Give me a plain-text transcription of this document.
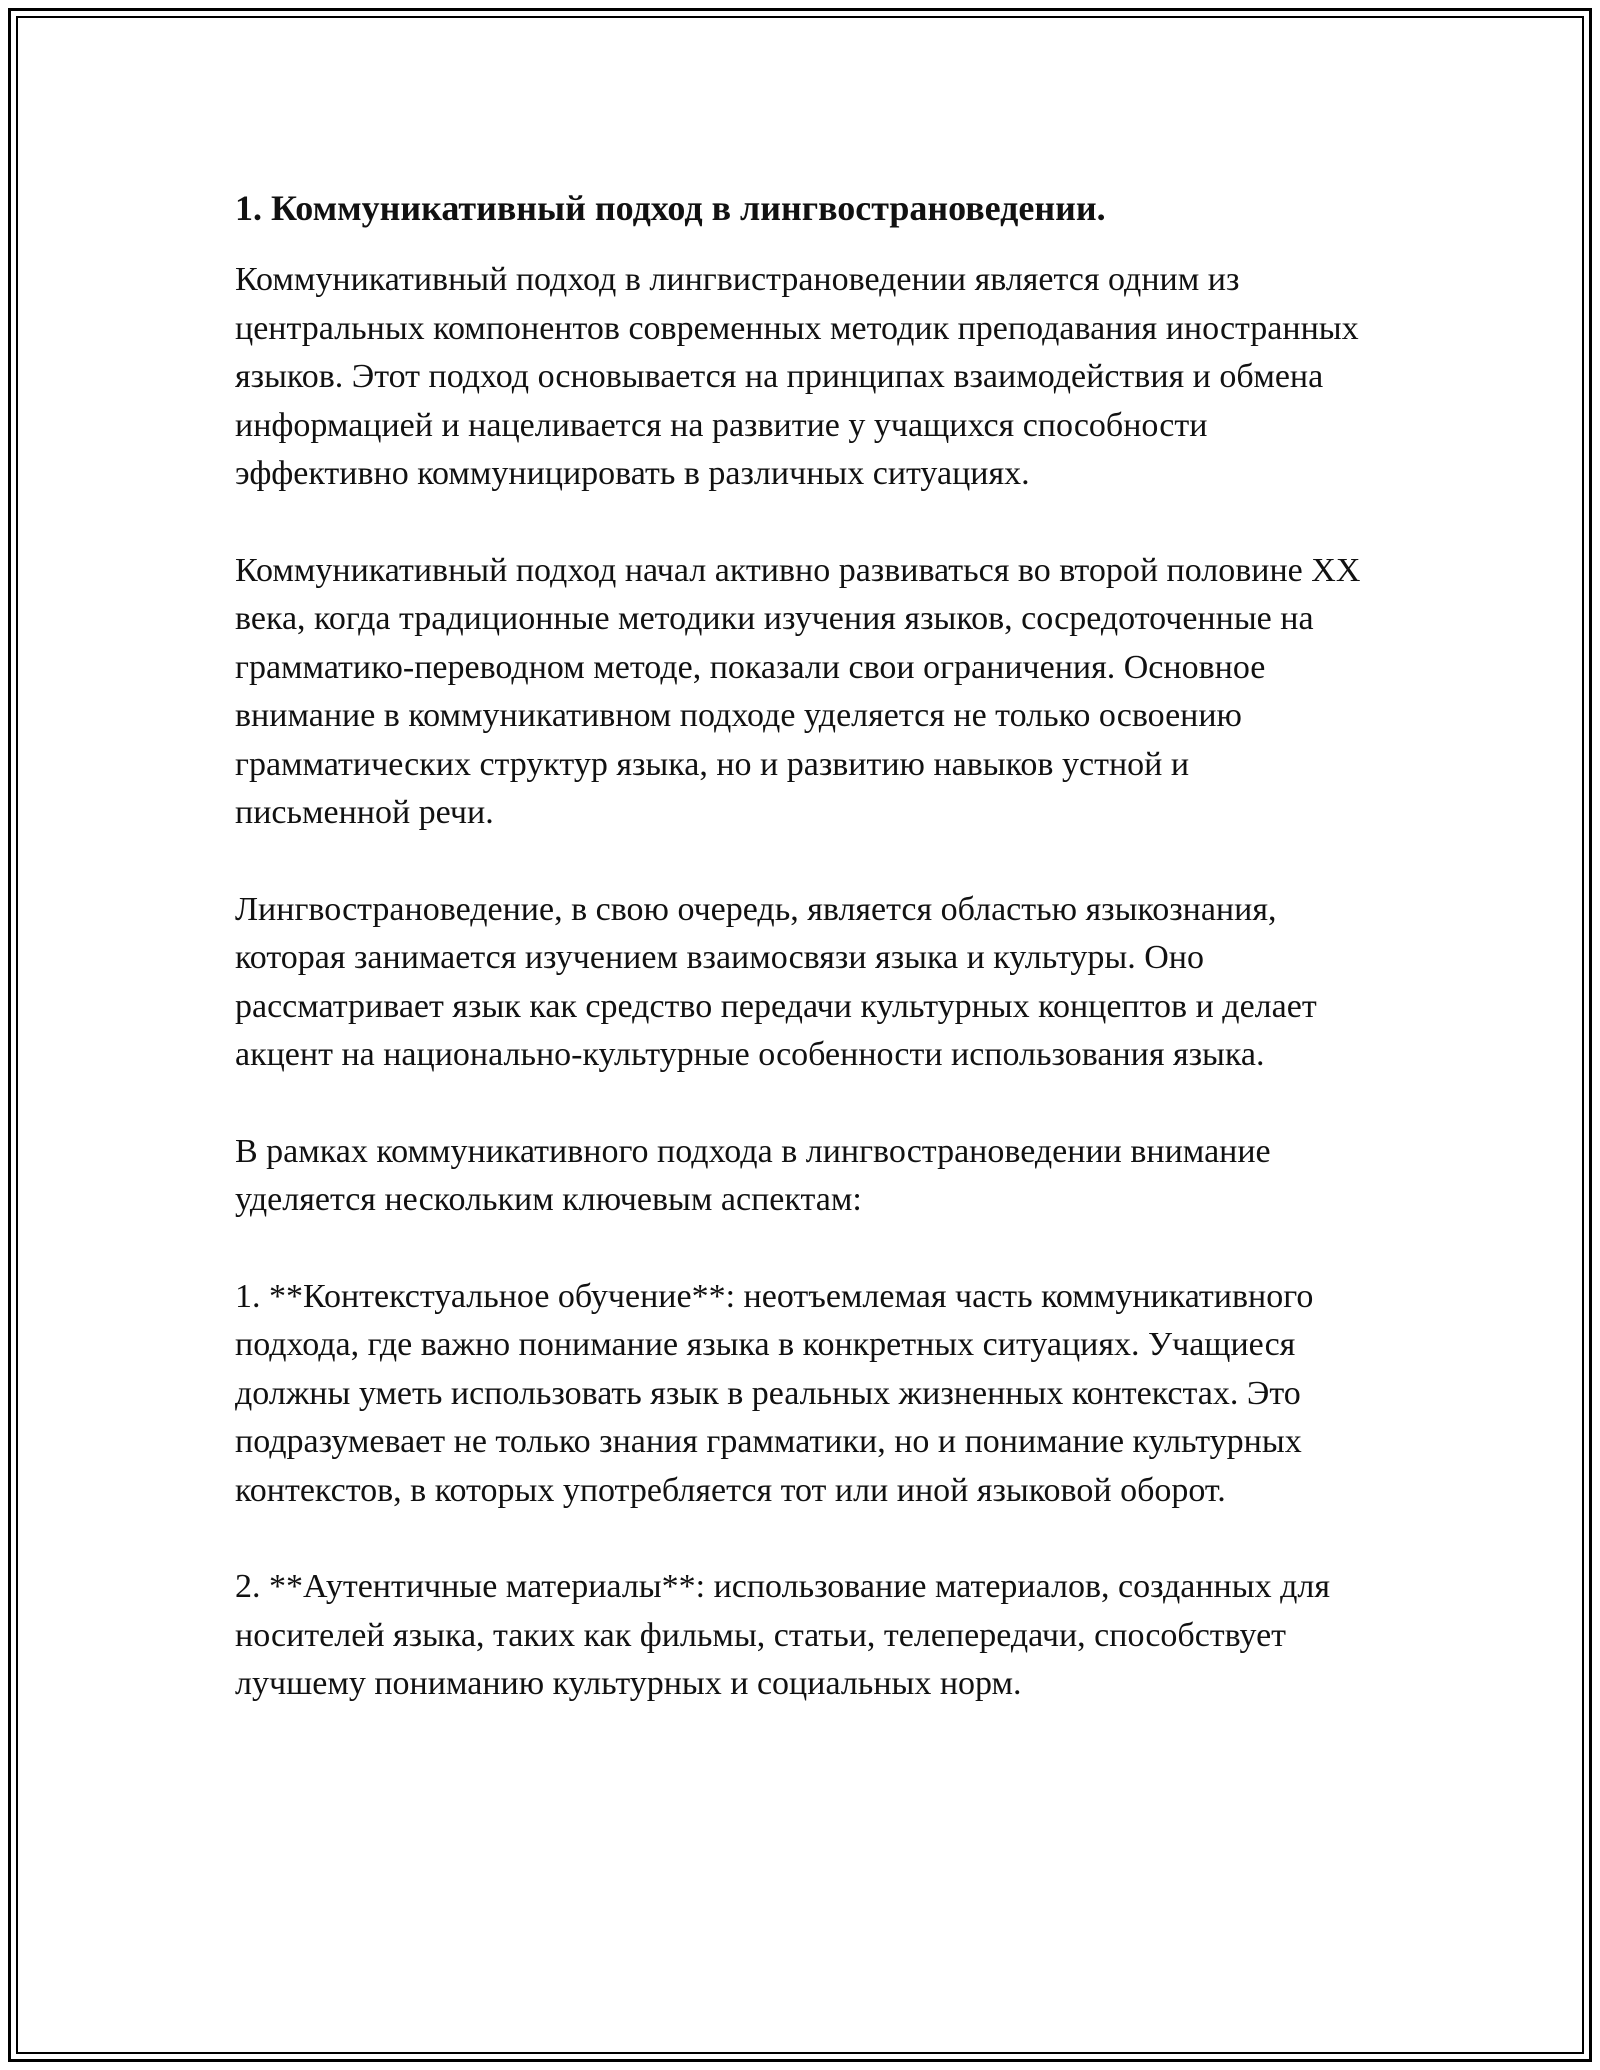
1. Коммуникативный подход в лингвострановедении.

Коммуникативный подход в лингвистрановедении является одним из центральных компонентов современных методик преподавания иностранных языков. Этот подход основывается на принципах взаимодействия и обмена информацией и нацеливается на развитие у учащихся способности эффективно коммуницировать в различных ситуациях.

Коммуникативный подход начал активно развиваться во второй половине XX века, когда традиционные методики изучения языков, сосредоточенные на грамматико-переводном методе, показали свои ограничения. Основное внимание в коммуникативном подходе уделяется не только освоению грамматических структур языка, но и развитию навыков устной и письменной речи.

Лингвострановедение, в свою очередь, является областью языкознания, которая занимается изучением взаимосвязи языка и культуры. Оно рассматривает язык как средство передачи культурных концептов и делает акцент на национально-культурные особенности использования языка.

В рамках коммуникативного подхода в лингвострановедении внимание уделяется нескольким ключевым аспектам:

1. **Контекстуальное обучение**: неотъемлемая часть коммуникативного подхода, где важно понимание языка в конкретных ситуациях. Учащиеся должны уметь использовать язык в реальных жизненных контекстах. Это подразумевает не только знания грамматики, но и понимание культурных контекстов, в которых употребляется тот или иной языковой оборот.

2. **Аутентичные материалы**: использование материалов, созданных для носителей языка, таких как фильмы, статьи, телепередачи, способствует лучшему пониманию культурных и социальных норм.
